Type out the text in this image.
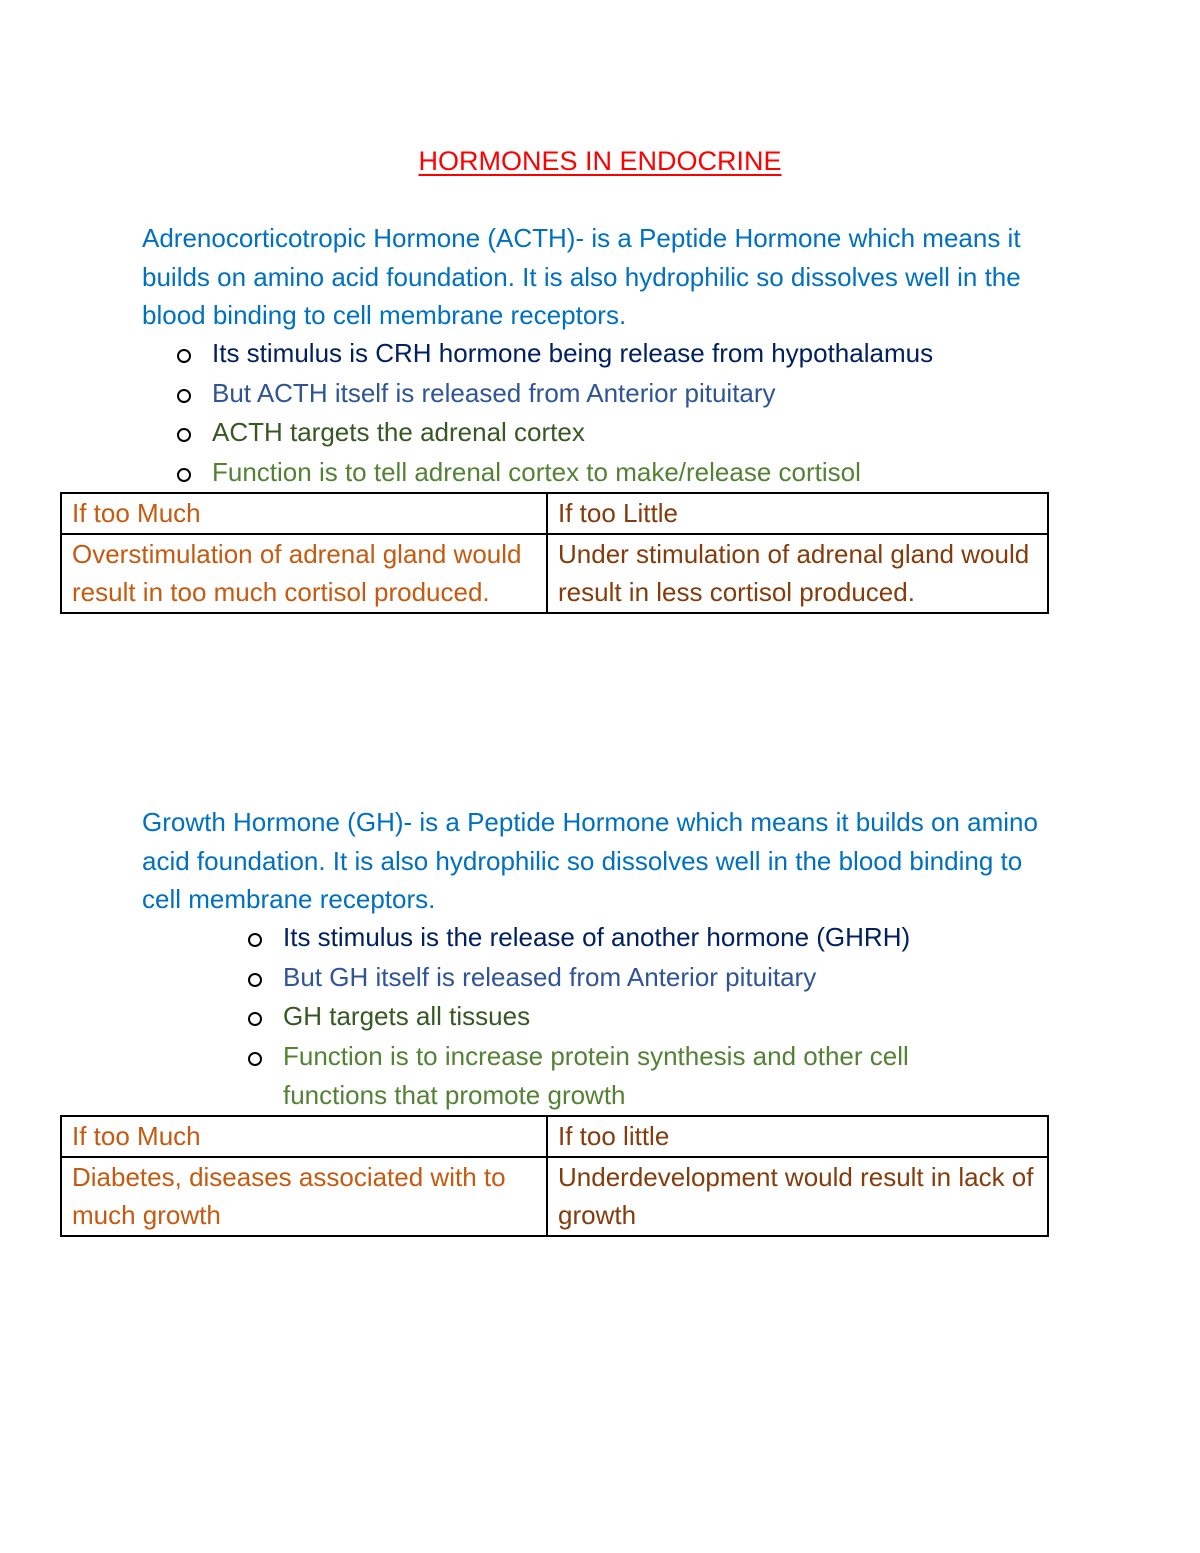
HORMONES IN ENDOCRINE
Adrenocorticotropic Hormone (ACTH)- is a Peptide Hormone which means it builds on amino acid foundation. It is also hydrophilic so dissolves well in the blood binding to cell membrane receptors.
Its stimulus is CRH hormone being release from hypothalamus
But ACTH itself is released from Anterior pituitary
ACTH targets the adrenal cortex
Function is to tell adrenal cortex to make/release cortisol
If too Much	If too Little
Overstimulation of adrenal gland would result in too much cortisol produced.	Under stimulation of adrenal gland would result in less cortisol produced.
Growth Hormone (GH)- is a Peptide Hormone which means it builds on amino acid foundation. It is also hydrophilic so dissolves well in the blood binding to cell membrane receptors.
Its stimulus is the release of another hormone (GHRH)
But GH itself is released from Anterior pituitary
GH targets all tissues
Function is to increase protein synthesis and other cell functions that promote growth
If too Much	If too little
Diabetes, diseases associated with to much growth	Underdevelopment would result in lack of growth
